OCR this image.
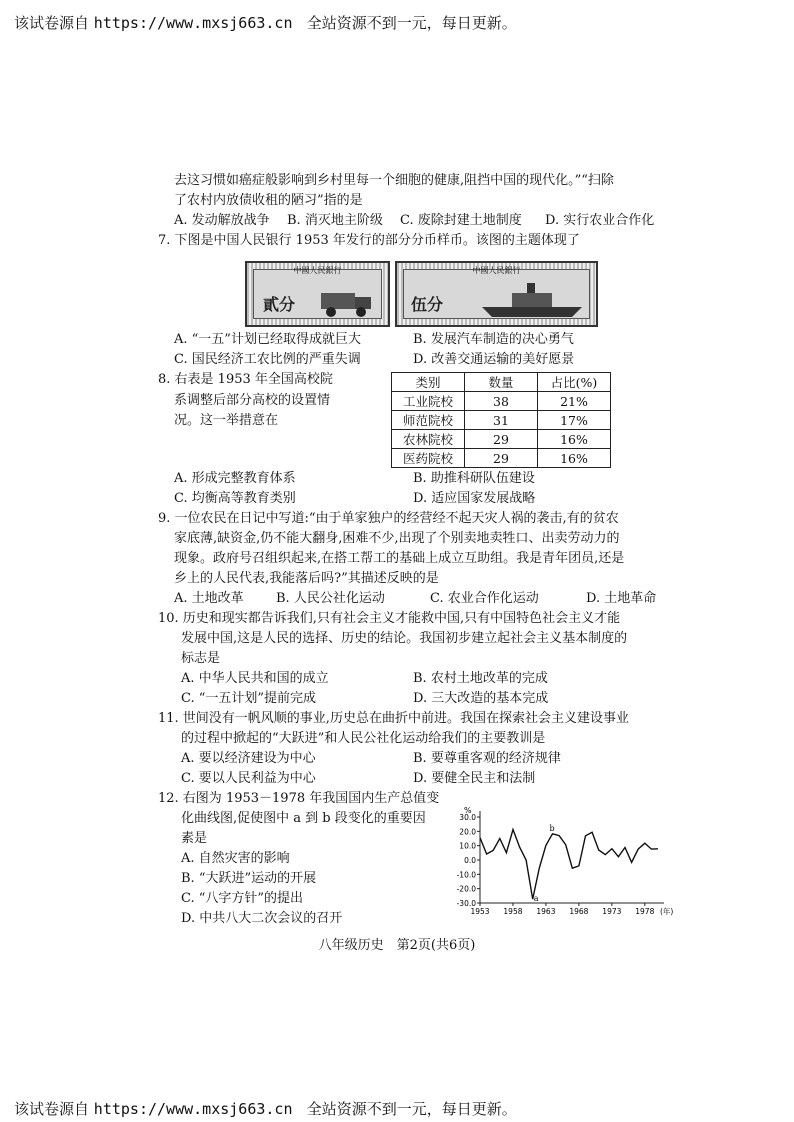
该试卷源自 https://www.mxsj663.cn 全站资源不到一元，每日更新。
去这习惯如癌症般影响到乡村里每一个细胞的健康,阻挡中国的现代化。”“扫除
了农村内放债收租的陋习”指的是
A. 发动解放战争 B. 消灭地主阶级 C. 废除封建土地制度 D. 实行农业合作化
7. 下图是中国人民银行 1953 年发行的部分分币样币。该图的主题体现了
中國人民銀行
貳分
中國人民銀行
伍分
A. “一五”计划已经取得成就巨大	B. 发展汽车制造的决心勇气
C. 国民经济工农比例的严重失调	D. 改善交通运输的美好愿景
8. 右表是 1953 年全国高校院
系调整后部分高校的设置情
况。这一举措意在
类别	数量	占比(%)
工业院校	38	21%
师范院校	31	17%
农林院校	29	16%
医药院校	29	16%
A. 形成完整教育体系	B. 助推科研队伍建设
C. 均衡高等教育类别	D. 适应国家发展战略
9. 一位农民在日记中写道:“由于单家独户的经营经不起天灾人祸的袭击,有的贫农
家底薄,缺资金,仍不能大翻身,困难不少,出现了个别卖地卖牲口、出卖劳动力的
现象。政府号召组织起来,在搭工帮工的基础上成立互助组。我是青年团员,还是
乡上的人民代表,我能落后吗?”其描述反映的是
A. 土地改革 B. 人民公社化运动	C. 农业合作化运动	D. 土地革命
10. 历史和现实都告诉我们,只有社会主义才能救中国,只有中国特色社会主义才能
发展中国,这是人民的选择、历史的结论。我国初步建立起社会主义基本制度的
标志是
A. 中华人民共和国的成立	B. 农村土地改革的完成
C. “一五计划”提前完成	D. 三大改造的基本完成
11. 世间没有一帆风顺的事业,历史总在曲折中前进。我国在探索社会主义建设事业
的过程中掀起的“大跃进”和人民公社化运动给我们的主要教训是
A. 要以经济建设为中心	B. 要尊重客观的经济规律
C. 要以人民利益为中心	D. 要健全民主和法制
12. 右图为 1953－1978 年我国国内生产总值变
化曲线图,促使图中 a 到 b 段变化的重要因
素是
A. 自然灾害的影响
B. “大跃进”运动的开展
C. “八字方针”的提出
D. 中共八大二次会议的召开
%
30.0
20.0
10.0
0.0
-10.0
-20.0
-30.0
1953 1958 1963 1968 1973 1978 (年)
a
b
八年级历史　第2页(共6页)
该试卷源自 https://www.mxsj663.cn 全站资源不到一元，每日更新。
